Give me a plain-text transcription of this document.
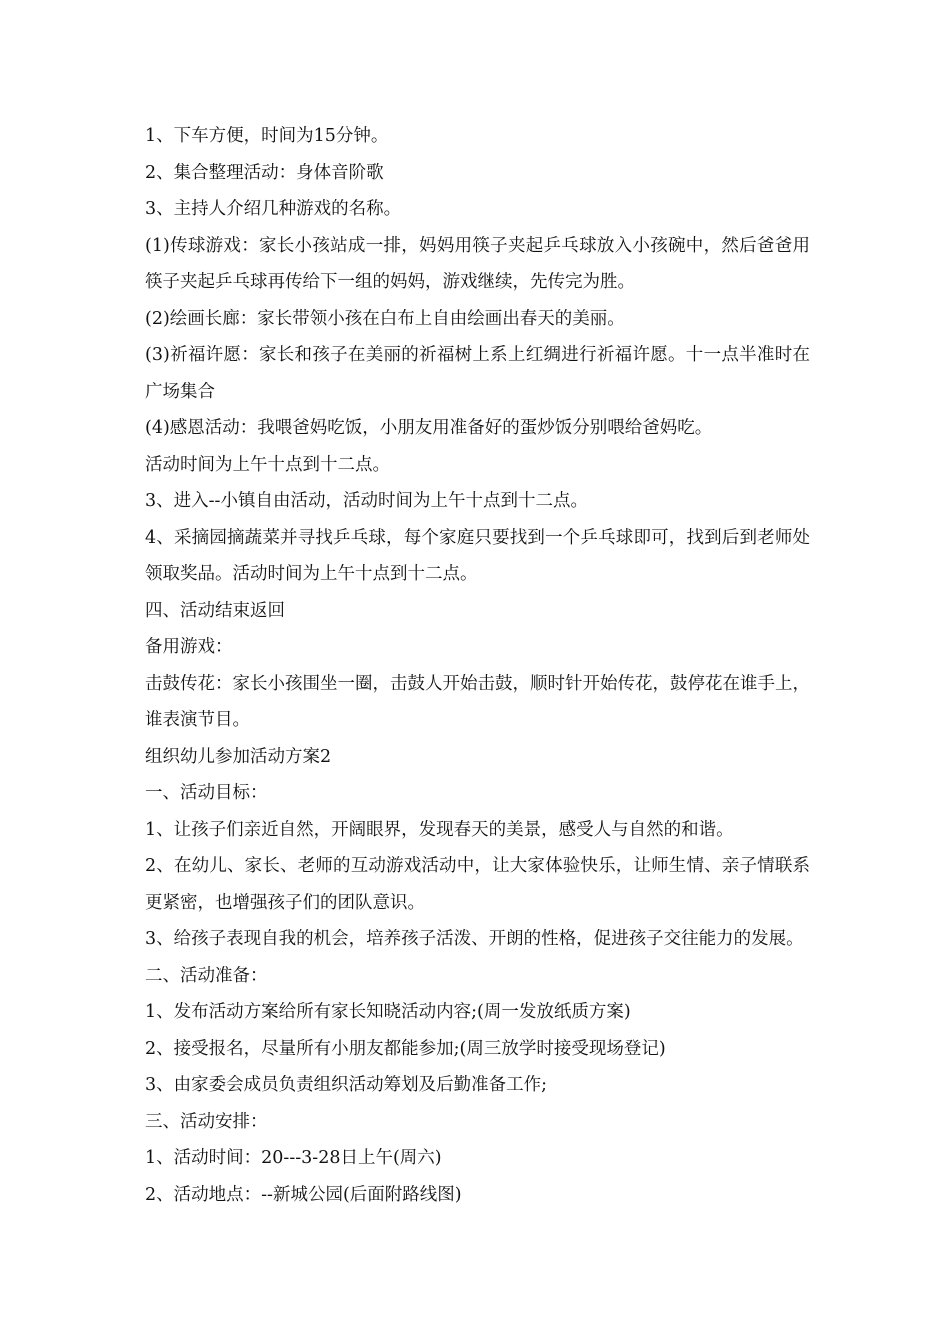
1、下车方便，时间为15分钟。

2、集合整理活动：身体音阶歌

3、主持人介绍几种游戏的名称。

(1)传球游戏：家长小孩站成一排，妈妈用筷子夹起乒乓球放入小孩碗中，然后爸爸用筷子夹起乒乓球再传给下一组的妈妈，游戏继续，先传完为胜。

(2)绘画长廊：家长带领小孩在白布上自由绘画出春天的美丽。

(3)祈福许愿：家长和孩子在美丽的祈福树上系上红绸进行祈福许愿。十一点半准时在广场集合

(4)感恩活动：我喂爸妈吃饭，小朋友用准备好的蛋炒饭分别喂给爸妈吃。

活动时间为上午十点到十二点。

3、进入--小镇自由活动，活动时间为上午十点到十二点。

4、采摘园摘蔬菜并寻找乒乓球，每个家庭只要找到一个乒乓球即可，找到后到老师处领取奖品。活动时间为上午十点到十二点。

四、活动结束返回

备用游戏：

击鼓传花：家长小孩围坐一圈，击鼓人开始击鼓，顺时针开始传花，鼓停花在谁手上，谁表演节目。

组织幼儿参加活动方案2

一、活动目标：

1、让孩子们亲近自然，开阔眼界，发现春天的美景，感受人与自然的和谐。

2、在幼儿、家长、老师的互动游戏活动中，让大家体验快乐，让师生情、亲子情联系更紧密，也增强孩子们的团队意识。

3、给孩子表现自我的机会，培养孩子活泼、开朗的性格，促进孩子交往能力的发展。

二、活动准备：

1、发布活动方案给所有家长知晓活动内容;(周一发放纸质方案)

2、接受报名，尽量所有小朋友都能参加;(周三放学时接受现场登记)

3、由家委会成员负责组织活动筹划及后勤准备工作;

三、活动安排：

1、活动时间：20---3-28日上午(周六)

2、活动地点：--新城公园(后面附路线图)
